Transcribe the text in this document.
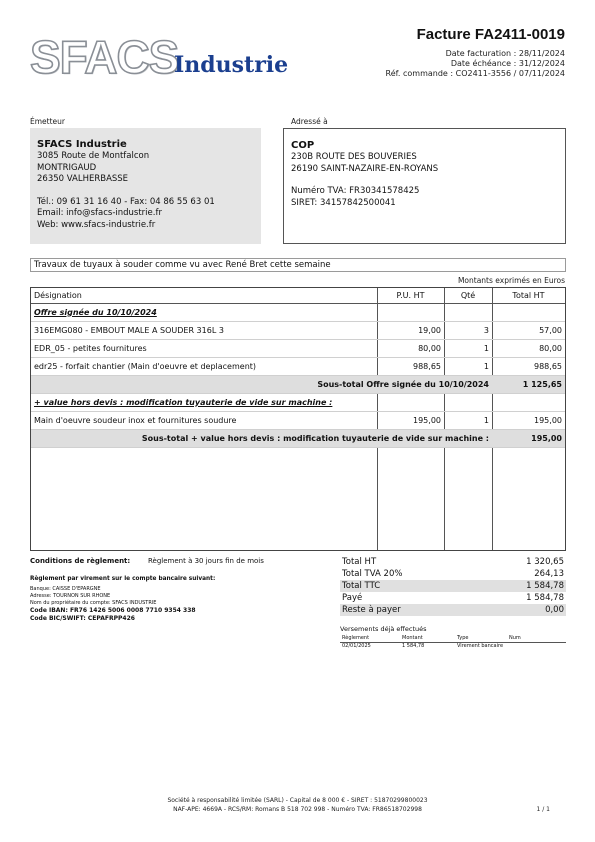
SFACS
Industrie
Facture FA2411-0019
Date facturation : 28/11/2024
Date échéance : 31/12/2024
Réf. commande : CO2411-3556 / 07/11/2024
Émetteur	Adressé à
SFACS Industrie
3085 Route de Montfalcon
MONTRIGAUD
26350 VALHERBASSE
Tél.: 09 61 31 16 40 - Fax: 04 86 55 63 01
Email: info@sfacs-industrie.fr
Web: www.sfacs-industrie.fr
COP
230B ROUTE DES BOUVERIES
26190 SAINT-NAZAIRE-EN-ROYANS
Numéro TVA: FR30341578425
SIRET: 34157842500041
Travaux de tuyaux à souder comme vu avec René Bret cette semaine
Montants exprimés en Euros
Désignation	P.U. HT	Qté	Total HT
Offre signée du 10/10/2024			
316EMG080 - EMBOUT MALE A SOUDER 316L 3	19,00	3	57,00
EDR_05 - petites fournitures	80,00	1	80,00
edr25 - forfait chantier (Main d'oeuvre et deplacement)	988,65	1	988,65
Sous-total Offre signée du 10/10/2024			1 125,65
+ value hors devis : modification tuyauterie de vide sur machine :			
Main d'oeuvre soudeur inox et fournitures soudure	195,00	1	195,00
Sous-total + value hors devis : modification tuyauterie de vide sur machine :			195,00
Conditions de règlement:	Règlement à 30 jours fin de mois
Règlement par virement sur le compte bancaire suivant:
Banque: CAISSE D'EPARGNE
Adresse: TOURNON SUR RHONE
Nom du propriétaire du compte: SFACS INDUSTRIE
Code IBAN: FR76 1426 5006 0008 7710 9354 338
Code BIC/SWIFT: CEPAFRPP426
Total HT	1 320,65
Total TVA 20%	264,13
Total TTC	1 584,78
Payé	1 584,78
Reste à payer	0,00
Versements déjà effectués
Règlement	Montant	Type	Num
02/01/2025	1 584,78	Virement bancaire	
Société à responsabilité limitée (SARL) - Capital de 8 000 € - SIRET : 51870299800023
NAF-APE: 4669A - RCS/RM: Romans B 518 702 998 - Numéro TVA: FR86518702998	1 / 1
